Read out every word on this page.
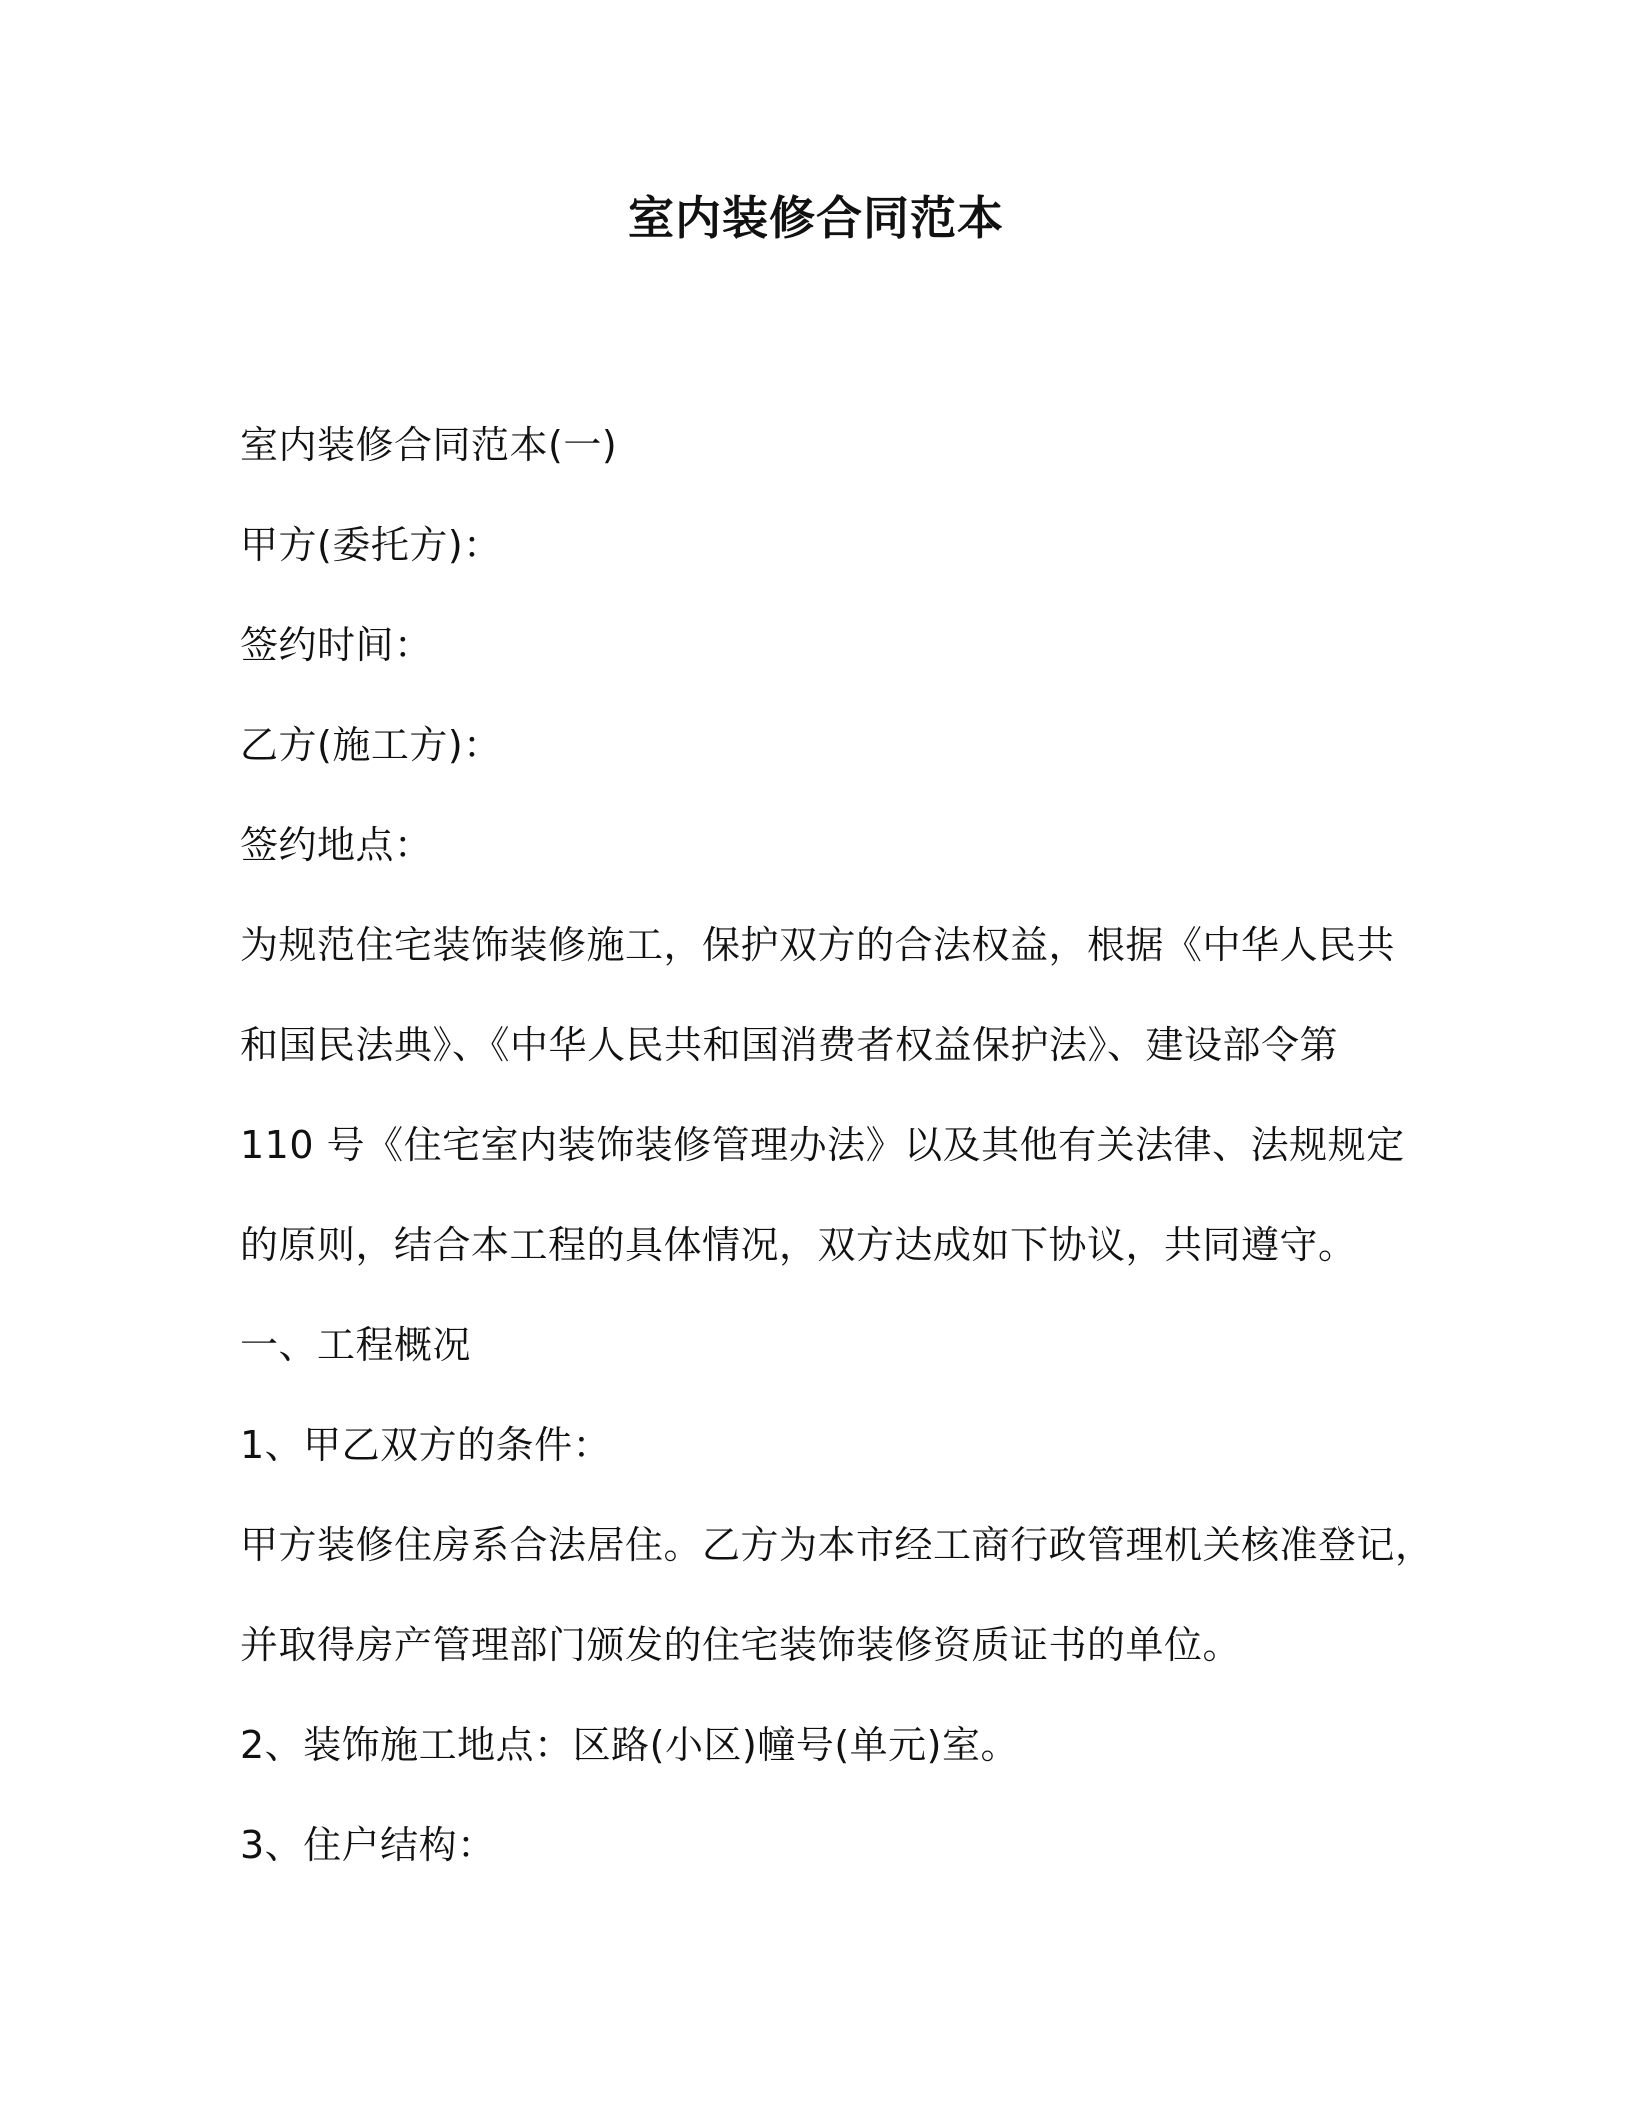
室内装修合同范本
室内装修合同范本(一)
甲方(委托方)：
签约时间：
乙方(施工方)：
签约地点：
为规范住宅装饰装修施工，保护双方的合法权益，根据《中华人民共
和国民法典》、《中华人民共和国消费者权益保护法》、建设部令第
110 号《住宅室内装饰装修管理办法》以及其他有关法律、法规规定
的原则，结合本工程的具体情况，双方达成如下协议，共同遵守。
一、工程概况
1、甲乙双方的条件：
甲方装修住房系合法居住。乙方为本市经工商行政管理机关核准登记，
并取得房产管理部门颁发的住宅装饰装修资质证书的单位。
2、装饰施工地点：区路(小区)幢号(单元)室。
3、住户结构：
